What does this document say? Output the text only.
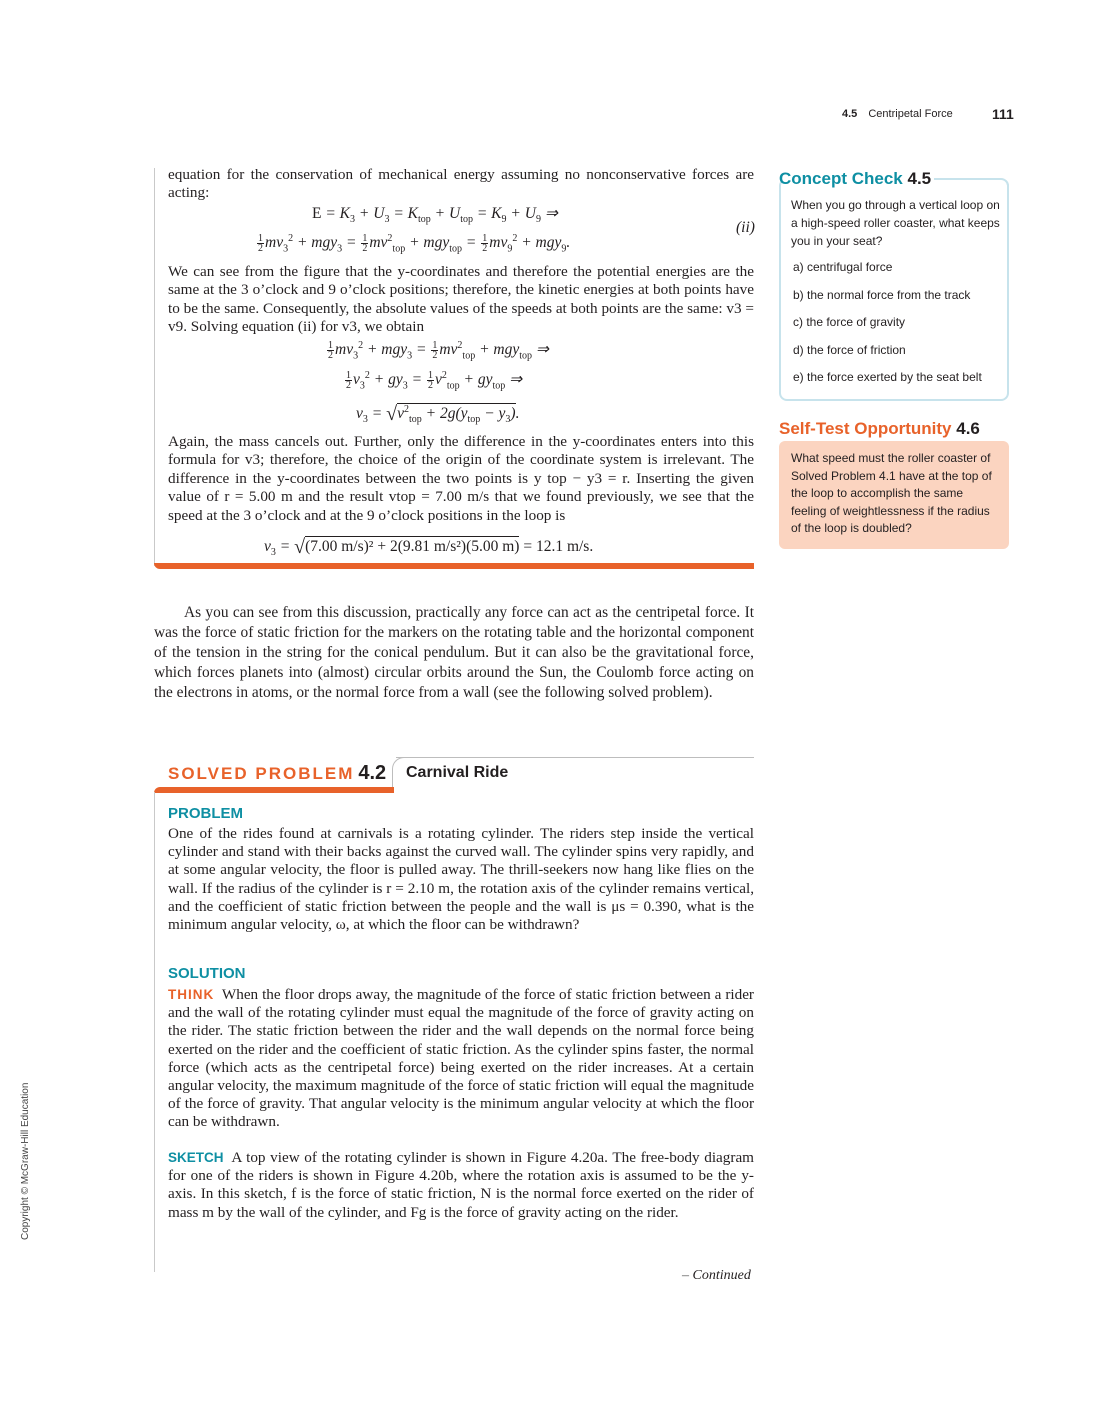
4.5 Centripetal Force	111

equation for the conservation of mechanical energy assuming no nonconservative forces are acting:

$E = K_3 + U_3 = K_{top} + U_{top} = K_9 + U_9$ ⇒
(ii)
$\frac{1}{2} mv_3^2 + mgy_3 = \frac{1}{2} mv^2_{top} + mgy_{top} = \frac{1}{2} mv_9^2 + mgy_9$.

We can see from the figure that the y-coordinates and therefore the potential energies are the same at the 3 o’clock and 9 o’clock positions; therefore, the kinetic energies at both points have to be the same. Consequently, the absolute values of the speeds at both points are the same: v3 = v9. Solving equation (ii) for v3, we obtain

$\frac{1}{2} mv_3^2 + mgy_3 = \frac{1}{2} mv^2_{top} + mgy_{top}$ ⇒
$\frac{1}{2} v_3^2 + gy_3 = \frac{1}{2} v^2_{top} + gy_{top}$ ⇒
$v_3 = √v^2_{top} + 2g(y_{top} - y_3)$.

Again, the mass cancels out. Further, only the difference in the y-coordinates enters into this formula for v3; therefore, the choice of the origin of the coordinate system is irrelevant. The difference in the y-coordinates between the two points is y top − y3 = r. Inserting the given value of r = 5.00 m and the result vtop = 7.00 m/s that we found previously, we see that the speed at the 3 o’clock and at the 9 o’clock positions in the loop is

$v_3 = √(7.00$ m/s)² + 2(9.81 m/s²)(5.00 m) = 12.1 m/s.

As you can see from this discussion, practically any force can act as the centripetal force. It was the force of static friction for the markers on the rotating table and the horizontal component of the tension in the string for the conical pendulum. But it can also be the gravitational force, which forces planets into (almost) circular orbits around the Sun, the Coulomb force acting on the electrons in atoms, or the normal force from a wall (see the following solved problem).

SOLVED PROBLEM 4.2 Carnival Ride
PROBLEM
One of the rides found at carnivals is a rotating cylinder. The riders step inside the vertical cylinder and stand with their backs against the curved wall. The cylinder spins very rapidly, and at some angular velocity, the floor is pulled away. The thrill-seekers now hang like flies on the wall. If the radius of the cylinder is r = 2.10 m, the rotation axis of the cylinder remains vertical, and the coefficient of static friction between the people and the wall is μs = 0.390, what is the minimum angular velocity, ω, at which the floor can be withdrawn?
SOLUTION
THINK When the floor drops away, the magnitude of the force of static friction between a rider and the wall of the rotating cylinder must equal the magnitude of the force of gravity acting on the rider. The static friction between the rider and the wall depends on the normal force being exerted on the rider and the coefficient of static friction. As the cylinder spins faster, the normal force (which acts as the centripetal force) being exerted on the rider increases. At a certain angular velocity, the maximum magnitude of the force of static friction will equal the magnitude of the force of gravity. That angular velocity is the minimum angular velocity at which the floor can be withdrawn.
SKETCH A top view of the rotating cylinder is shown in Figure 4.20a. The free-body diagram for one of the riders is shown in Figure 4.20b, where the rotation axis is assumed to be the y-axis. In this sketch, f is the force of static friction, N is the normal force exerted on the rider of mass m by the wall of the cylinder, and Fg is the force of gravity acting on the rider.
– Continued
Copyright © McGraw-Hill Education
Concept Check 4.5
When you go through a vertical loop on a high-speed roller coaster, what keeps you in your seat?
a) centrifugal force
b) the normal force from the track
c) the force of gravity
d) the force of friction
e) the force exerted by the seat belt
Self-Test Opportunity 4.6
What speed must the roller coaster of Solved Problem 4.1 have at the top of the loop to accomplish the same feeling of weightlessness if the radius of the loop is doubled?
